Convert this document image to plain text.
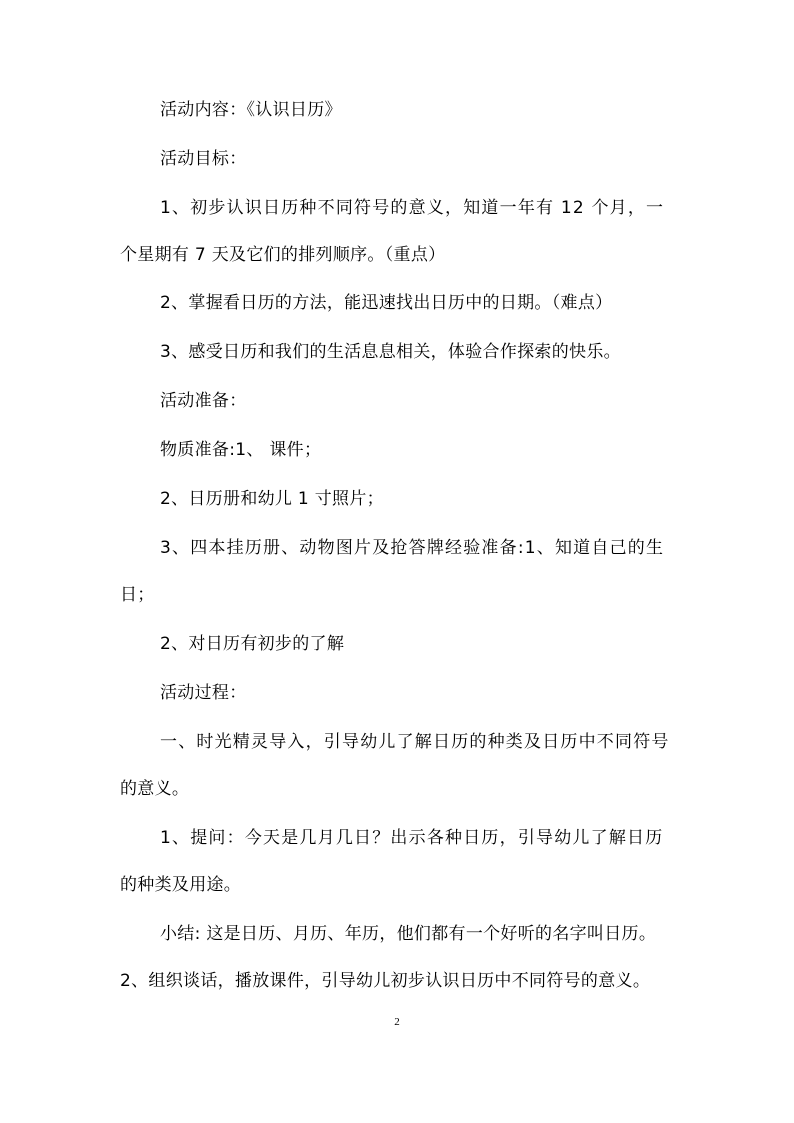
活动内容：《认识日历》
活动目标：
1、初步认识日历种不同符号的意义，知道一年有 12 个月，一
个星期有 7 天及它们的排列顺序。（重点）
2、掌握看日历的方法，能迅速找出日历中的日期。（难点）
3、感受日历和我们的生活息息相关，体验合作探索的快乐。
活动准备：
物质准备:1、 课件；
2、日历册和幼儿 1 寸照片；
3、四本挂历册、动物图片及抢答牌经验准备:1、知道自己的生
日；
2、对日历有初步的了解
活动过程：
一、时光精灵导入，引导幼儿了解日历的种类及日历中不同符号
的意义。
1、提问：今天是几月几日？出示各种日历，引导幼儿了解日历
的种类及用途。
小结: 这是日历、月历、年历，他们都有一个好听的名字叫日历。
2、组织谈话，播放课件，引导幼儿初步认识日历中不同符号的意义。
2
